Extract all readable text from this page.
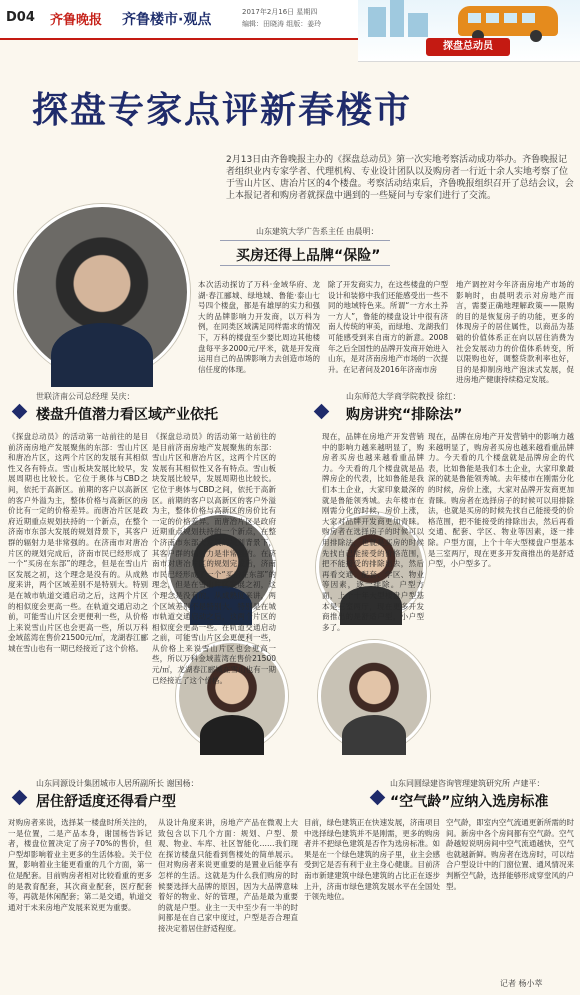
D04 齐鲁晚报 齐鲁楼市·观点	2017年2月16日 星期四
编辑：田晓涛 组版：姜玲
探盘总动员
探盘专家点评新春楼市
2月13日由齐鲁晚报主办的《探盘总动员》第一次实地考察活动成功举办。齐鲁晚报记者组织业内专家学者、代理机构、专业设计团队以及购房者一行近十余人实地考察了位于雪山片区、唐冶片区的4个楼盘。考察活动结束后，齐鲁晚报组织召开了总结会议，会上本报记者和购房者就探盘中遇到的一些疑问与专家们进行了交流。
山东建筑大学广告系主任 由晨明：
买房还得上品牌“保险”
本次活动探访了万科·金域华府、龙湖·春江郦城、绿地城、鲁能·泰山七号四个楼盘，都是有雄厚的实力和强大的品牌影响力开发商，以万科为例，在同类区域满足同样需求的情况下，万科的楼盘至少要比周边其他楼盘每平多2000元/平米，就是开发商运用自己的品牌影响力去创造市场的信任度的体现。
除了开发商实力，在这些楼盘的户型设计和装修中我们还能感受出一些不同的地域特色来。所谓“一方水土养一方人”，鲁能的楼盘设计中很有济南人传统的审美，而绿地、龙湖我们可能感受到来自南方的新意。2008年之后全国性的品牌开发商开始进入山东，是对济南房地产市场的一次提升。在记者问及2016年济南市房
地产调控对今年济南房地产市场的影响时，由晨明表示对房地产而言，需要正确地理解政策——限购的目的是恢复房子的功能，更多的体现房子的居住属性，以商品为基础的价值体系正在向以居住消费为社会发展动力的价值体系转变，所以限购也好，调整贷款利率也好，目的是抑制房地产泡沫式发展，促进房地产健康持续稳定发展。
世联济南公司总经理 吴庆：
楼盘升值潜力看区域产业依托
《探盘总动员》的活动第一站前往的是目前济南房地产发展聚焦的东部：雪山片区和唐冶片区，这两个片区的发展有其相似性又各有特点。雪山板块发展比较早，发展周期也比较长。它位于奥体与CBD之间，依托于高新区。前期的客户以高新区的客户外溢为主，整体价格与高新区的房价比有一定的价格差异。而唐冶片区是政府近期重点规划扶持的一个新点，在整个济南市东部大发展的规划背景下，其客户群的辐射力是非常强的。在济南市对唐冶片区的规划完成后，济南市民已经形成了一个“买房在东部”的理念，但是在雪山片区发展之初，这个理念是没有的。从成熟度来讲，两个区域差别不是特别大。特别是在城市轨道交通启动之后，这两个片区的相似度会更高一些。在轨道交通启动之前，可能雪山片区会更便利一些，从价格上来说雪山片区也会更高一些，所以万科金域蓝湾在售价21500元/㎡，龙湖春江郦城在雪山也有一期已经接近了这个价格。
山东师范大学商学院教授 徐红：
购房讲究“排除法”
现在，品牌在房地产开发营销中的影响力越来越明显了，购房者买房也越来越看重品牌力。今天看的几个楼盘就是品牌房企的代表，比如鲁能是我们本土企业，大家印象最深的就是鲁能领秀城。去年楼市在刚需分化的时候，房价上涨，大家对品牌开发商更加青睐。购房者在选择房子的时候可以用排除法，也就是买房的时候先找自己能接受的价格范围，把不能接受的排除出去，然后再看交通、配套、学区、物业等因素，逐一排除。户型方面，上个十年大型楼盘户型基本是三室两厅，现在更多开发商推出的是舒适户型，小户型多了。
《探盘总动员》的活动第一站前往的是目前济南房地产发展聚焦的东部：雪山片区和唐冶片区，这两个片区的发展有其相似性又各有特点。雪山板块发展比较早，发展周期也比较长。它位于奥体与CBD之间，依托于高新区。前期的客户以高新区的客户外溢为主，整体价格与高新区的房价比有一定的价格差异。而唐冶片区是政府近期重点规划扶持的一个新点，在整个济南市东部大发展的规划背景下，其客户群的辐射力是非常强的。在济南市对唐冶片区的规划完成后，济南市民已经形成了一个“买房在东部”的理念，但是在雪山片区发展之初，这个理念是没有的。从成熟度来讲，两个区域差别不是特别大。特别是在城市轨道交通启动之后，这两个片区的相似度会更高一些。在轨道交通启动之前，可能雪山片区会更便利一些，从价格上来说雪山片区也会更高一些，所以万科金域蓝湾在售价21500元/㎡，龙湖春江郦城在雪山也有一期已经接近了这个价格。
现在，品牌在房地产开发营销中的影响力越来越明显了，购房者买房也越来越看重品牌力。今天看的几个楼盘就是品牌房企的代表，比如鲁能是我们本土企业，大家印象最深的就是鲁能领秀城。去年楼市在刚需分化的时候，房价上涨，大家对品牌开发商更加青睐。购房者在选择房子的时候可以用排除法，也就是买房的时候先找自己能接受的价格范围，把不能接受的排除出去，然后再看交通、配套、学区、物业等因素，逐一排除。户型方面，上个十年大型楼盘户型基本是三室两厅，现在更多开发商推出的是舒适户型，小户型多了。
山东同源设计集团城市人居所副所长 谢国杨：
居住舒适度还得看户型
对购房者来说，选择某一楼盘时所关注的，一是位置，二是产品本身，谢国杨告诉记者，楼盘位置决定了房子70%的售价，但户型却影响着业主更多的生活体验。关于位置，影响着业主能更看重的几个方面，第一位是配套。目前购房者相对比较看重的更多的是教育配套，其次商业配套，医疗配套等，再就是休闲配套；第二是交通，轨道交通对于未来房地产发展来说更为重要。
从设计角度来讲，房地产产品在微观上大致包含以下几个方面：规划、户型、景观、物业、车库、社区智能化……我们现在探访楼盘只能看到售楼处的简单展示。但对购房者来说更重要的是置业后能享有怎样的生活。这就是为什么我们购房的时候要选择大品牌的原因，因为大品牌意味着好的物业、好的管理，产品是最为重要的就是户型。业主一天中至少有一半的时间都是在自己家中度过，户型是否合理直接决定着居住舒适程度。
山东同圆绿建咨询管理建筑研究所 卢建平：
“空气龄”应纳入选房标准
目前，绿色建筑正在快速发展，济南项目中选择绿色建筑并不是刚需，更多的购房者并不把绿色建筑是否作为选房标准。如果是在一个绿色建筑的房子里，业主会感受到它是否有利于业主身心健康。目前济南市新建建筑中绿色建筑的占比正在逐步上升，济南市绿色建筑发展水平在全国处于领先地位。
空气龄，即室内空气流通更新所需的时间。新房中各个房间都有空气龄。空气龄越短说明房间中空气流通越快，空气也就越新鲜。购房者在选房时，可以结合户型设计中的门窗位置、通风情况来判断空气龄，选择能够形成穿堂风的户型。
记者 杨小萃
